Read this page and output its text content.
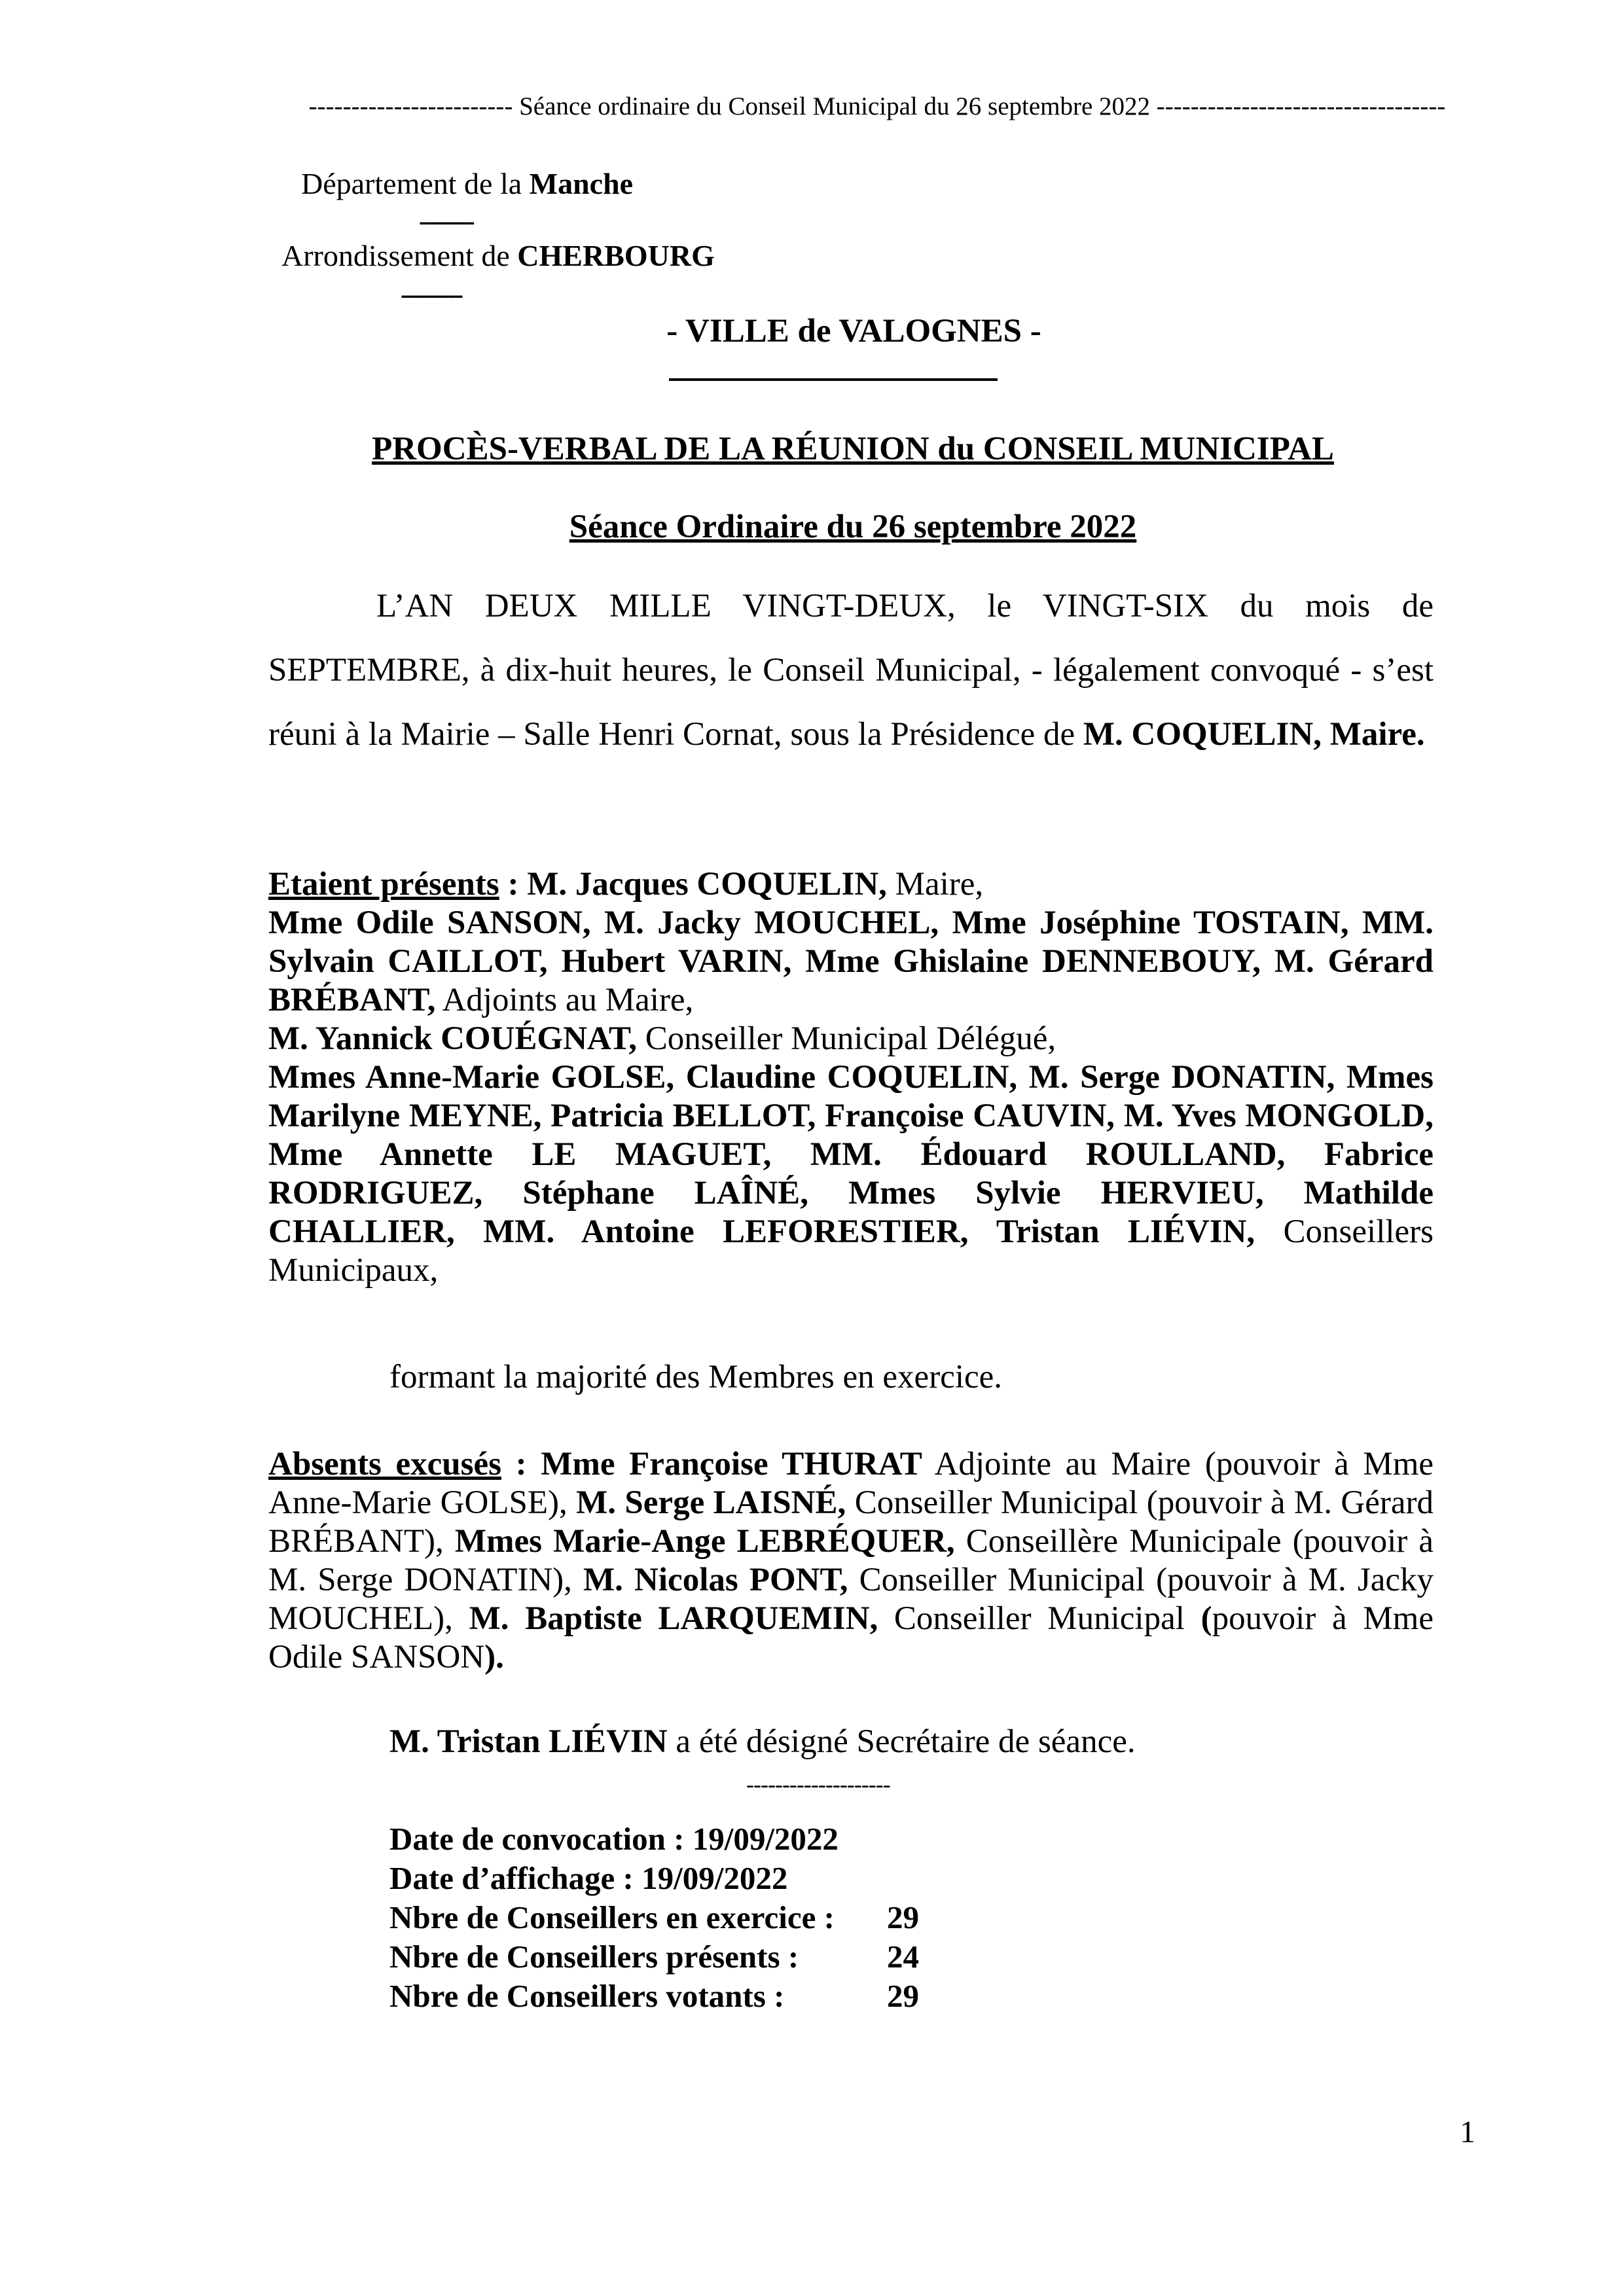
------------------------ Séance ordinaire du Conseil Municipal du 26 septembre 2022 ----------------------------------
Département de la Manche
--------
Arrondissement de CHERBOURG
---------
- VILLE de VALOGNES -
PROCÈS-VERBAL DE LA RÉUNION du CONSEIL MUNICIPAL
Séance Ordinaire du 26 septembre 2022
L’AN DEUX MILLE VINGT-DEUX, le VINGT-SIX du mois de SEPTEMBRE, à dix-huit heures, le Conseil Municipal, - légalement convoqué - s’est réuni à la Mairie – Salle Henri Cornat, sous la Présidence de M. COQUELIN, Maire.
Etaient présents : M. Jacques COQUELIN, Maire,
Mme Odile SANSON, M. Jacky MOUCHEL, Mme Joséphine TOSTAIN, MM. Sylvain CAILLOT, Hubert VARIN, Mme Ghislaine DENNEBOUY, M. Gérard BRÉBANT, Adjoints au Maire,
M. Yannick COUÉGNAT, Conseiller Municipal Délégué,
Mmes Anne-Marie GOLSE, Claudine COQUELIN, M. Serge DONATIN, Mmes Marilyne MEYNE, Patricia BELLOT, Françoise CAUVIN, M. Yves MONGOLD, Mme Annette LE MAGUET, MM. Édouard ROULLAND, Fabrice RODRIGUEZ, Stéphane LAÎNÉ, Mmes Sylvie HERVIEU, Mathilde CHALLIER, MM. Antoine LEFORESTIER, Tristan LIÉVIN, Conseillers Municipaux,
formant la majorité des Membres en exercice.
Absents excusés : Mme Françoise THURAT Adjointe au Maire (pouvoir à Mme Anne-Marie GOLSE), M. Serge LAISNÉ, Conseiller Municipal (pouvoir à M. Gérard BRÉBANT), Mmes Marie-Ange LEBRÉQUER, Conseillère Municipale (pouvoir à M. Serge DONATIN), M. Nicolas PONT, Conseiller Municipal (pouvoir à M. Jacky MOUCHEL), M. Baptiste LARQUEMIN, Conseiller Municipal (pouvoir à Mme Odile SANSON).
M. Tristan LIÉVIN a été désigné Secrétaire de séance.
--------------------
Date de convocation : 19/09/2022	
Date d’affichage : 19/09/2022	
Nbre de Conseillers en exercice :	29
Nbre de Conseillers présents :	24
Nbre de Conseillers votants :	29
1
